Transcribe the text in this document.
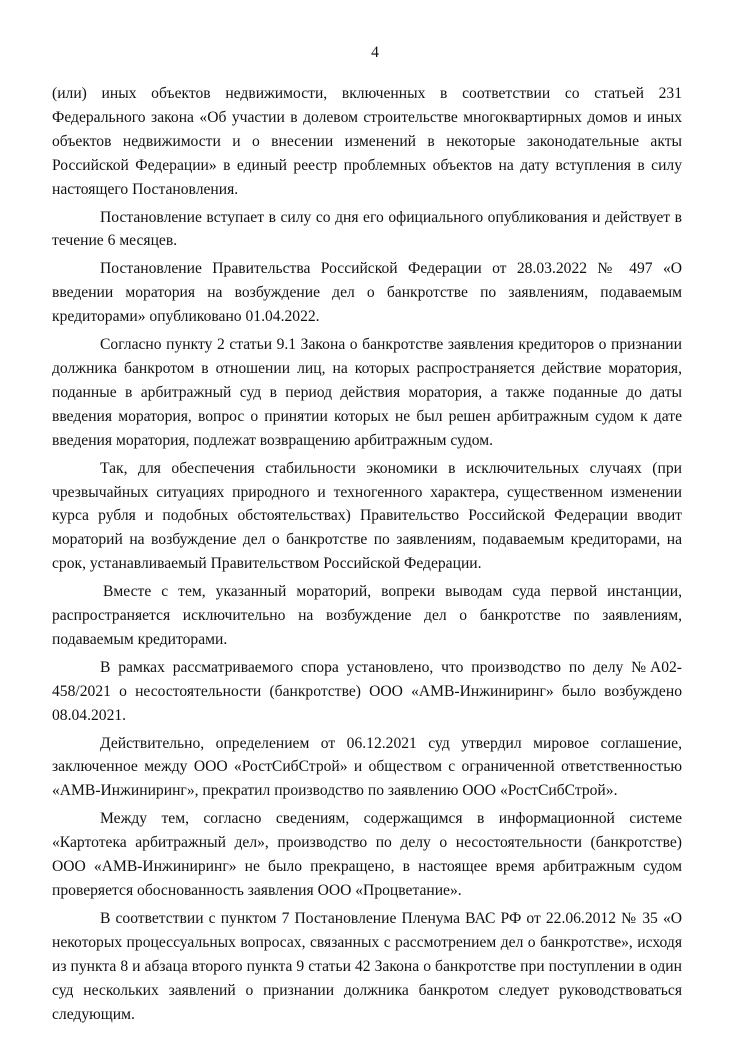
4

(или) иных объектов недвижимости, включенных в соответствии со статьей 231 Федерального закона «Об участии в долевом строительстве многоквартирных домов и иных объектов недвижимости и о внесении изменений в некоторые законодательные акты Российской Федерации» в единый реестр проблемных объектов на дату вступления в силу настоящего Постановления.

Постановление вступает в силу со дня его официального опубликования и действует в течение 6 месяцев.

Постановление Правительства Российской Федерации от 28.03.2022 № 497 «О введении моратория на возбуждение дел о банкротстве по заявлениям, подаваемым кредиторами» опубликовано 01.04.2022.

Согласно пункту 2 статьи 9.1 Закона о банкротстве заявления кредиторов о признании должника банкротом в отношении лиц, на которых распространяется действие моратория, поданные в арбитражный суд в период действия моратория, а также поданные до даты введения моратория, вопрос о принятии которых не был решен арбитражным судом к дате введения моратория, подлежат возвращению арбитражным судом.

Так, для обеспечения стабильности экономики в исключительных случаях (при чрезвычайных ситуациях природного и техногенного характера, существенном изменении курса рубля и подобных обстоятельствах) Правительство Российской Федерации вводит мораторий на возбуждение дел о банкротстве по заявлениям, подаваемым кредиторами, на срок, устанавливаемый Правительством Российской Федерации.

Вместе с тем, указанный мораторий, вопреки выводам суда первой инстанции, распространяется исключительно на возбуждение дел о банкротстве по заявлениям, подаваемым кредиторами.

В рамках рассматриваемого спора установлено, что производство по делу №А02-458/2021 о несостоятельности (банкротстве) ООО «АМВ-Инжиниринг» было возбуждено 08.04.2021.

Действительно, определением от 06.12.2021 суд утвердил мировое соглашение, заключенное между ООО «РостСибСтрой» и обществом с ограниченной ответственностью «АМВ-Инжиниринг», прекратил производство по заявлению ООО «РостСибСтрой».

Между тем, согласно сведениям, содержащимся в информационной системе «Картотека арбитражный дел», производство по делу о несостоятельности (банкротстве) ООО «АМВ-Инжиниринг» не было прекращено, в настоящее время арбитражным судом проверяется обоснованность заявления ООО «Процветание».

В соответствии с пунктом 7 Постановление Пленума ВАС РФ от 22.06.2012 № 35 «О некоторых процессуальных вопросах, связанных с рассмотрением дел о банкротстве», исходя из пункта 8 и абзаца второго пункта 9 статьи 42 Закона о банкротстве при поступлении в один суд нескольких заявлений о признании должника банкротом следует руководствоваться следующим.
